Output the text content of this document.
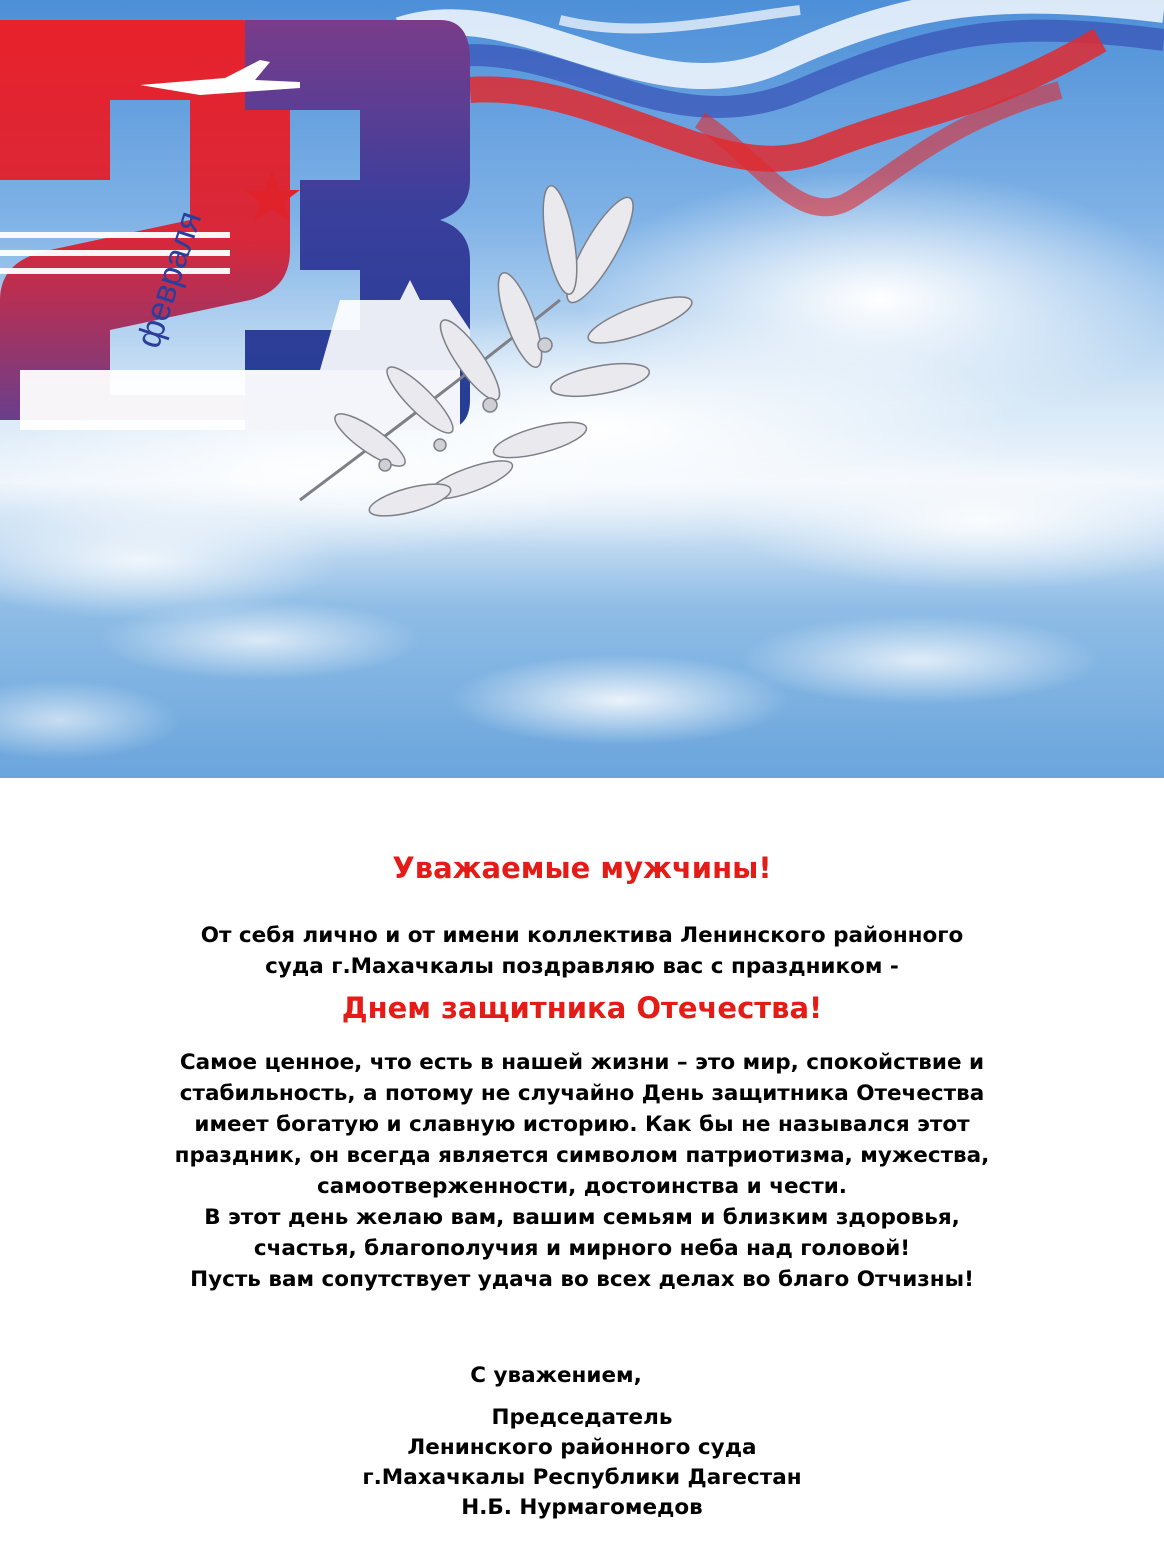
февраля
Уважаемые мужчины!
От себя лично и от имени коллектива Ленинского районного
суда г.Махачкалы поздравляю вас с праздником -
Днем защитника Отечества!
Самое ценное, что есть в нашей жизни – это мир, спокойствие и
стабильность, а потому не случайно День защитника Отечества
имеет богатую и славную историю. Как бы не назывался этот
праздник, он всегда является символом патриотизма, мужества,
самоотверженности, достоинства и чести.
В этот день желаю вам, вашим семьям и близким здоровья,
счастья, благополучия и мирного неба над головой!
Пусть вам сопутствует удача во всех делах во благо Отчизны!
С уважением,
Председатель
Ленинского районного суда
г.Махачкалы Республики Дагестан
Н.Б. Нурмагомедов
